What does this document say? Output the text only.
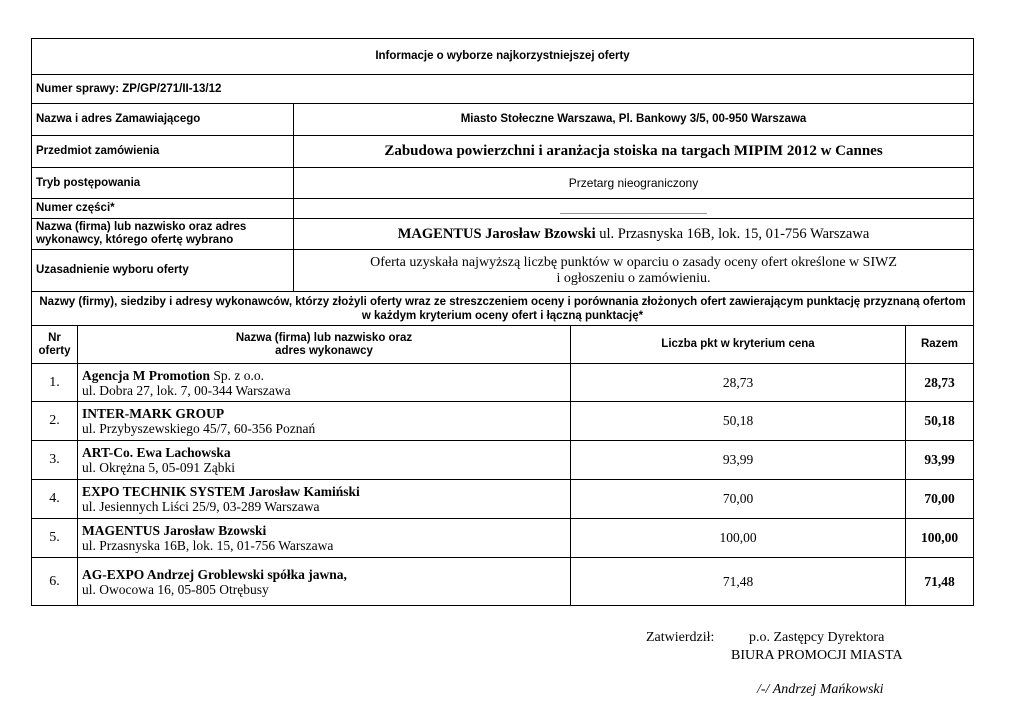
Informacje o wyborze najkorzystniejszej oferty				
Numer sprawy: ZP/GP/271/II-13/12				
Nazwa i adres Zamawiającego		Miasto Stołeczne Warszawa, Pl. Bankowy 3/5, 00-950 Warszawa		
Przedmiot zamówienia		Zabudowa powierzchni i aranżacja stoiska na targach MIPIM 2012 w Cannes		
Tryb postępowania		Przetarg nieograniczony		
Numer części*		________________________		
Nazwa (firma) lub nazwisko oraz adres wykonawcy, którego ofertę wybrano		MAGENTUS Jarosław Bzowski ul. Przasnyska 16B, lok. 15, 01-756 Warszawa		
Uzasadnienie wyboru oferty		Oferta uzyskała najwyższą liczbę punktów w oparciu o zasady oceny ofert określone w SIWZ
i ogłoszeniu o zamówieniu.		

Nazwy (firmy), siedziby i adresy wykonawców, którzy złożyli oferty wraz ze streszczeniem oceny i porównania złożonych ofert zawierającym punktację przyznaną ofertom w każdym kryterium oceny ofert i łączną punktację*				
Nr oferty	Nazwa (firma) lub nazwisko oraz
adres wykonawcy		Liczba pkt w kryterium cena	Razem
1.	Agencja M Promotion Sp. z o.o.
ul. Dobra 27, lok. 7, 00-344 Warszawa		28,73	28,73
2.	INTER-MARK GROUP
ul. Przybyszewskiego 45/7, 60-356 Poznań		50,18	50,18
3.	ART-Co. Ewa Lachowska
ul. Okrężna 5, 05-091 Ząbki		93,99	93,99
4.	EXPO TECHNIK SYSTEM Jarosław Kamiński
ul. Jesiennych Liści 25/9, 03-289 Warszawa		70,00	70,00
5.	MAGENTUS Jarosław Bzowski
ul. Przasnyska 16B, lok. 15, 01-756 Warszawa		100,00	100,00
6.	AG-EXPO Andrzej Groblewski spółka jawna,
ul. Owocowa 16, 05-805 Otrębusy		71,48	71,48
Zatwierdził: p.o. Zastępcy Dyrektora
BIURA PROMOCJI MIASTA
/-/ Andrzej Mańkowski
